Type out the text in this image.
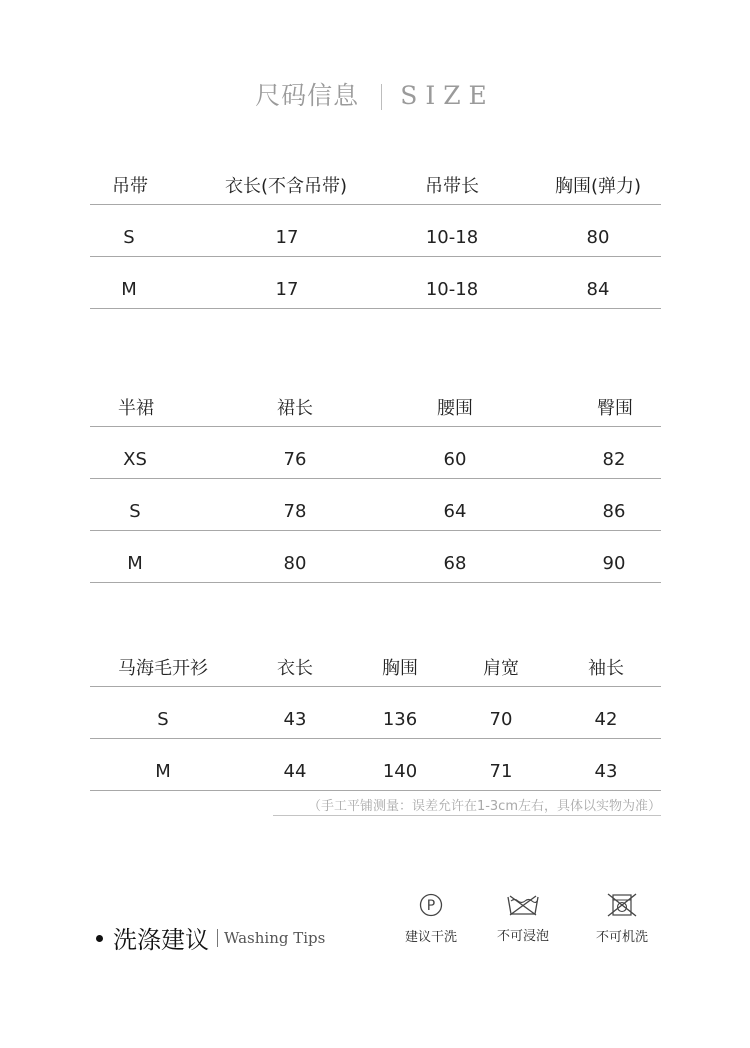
尺码信息 SIZE
吊带	衣长(不含吊带)	吊带长	胸围(弹力)
S	17	10-18	80
M	17	10-18	84
半裙	裙长	腰围	臀围
XS	76	60	82
S	78	64	86
M	80	68	90
马海毛开衫	衣长	胸围	肩宽	袖长
S	43	136	70	42
M	44	140	71	43
（手工平铺测量：误差允许在1-3cm左右，具体以实物为准）
洗涤建议 Washing Tips
P
建议干洗	不可浸泡	不可机洗
